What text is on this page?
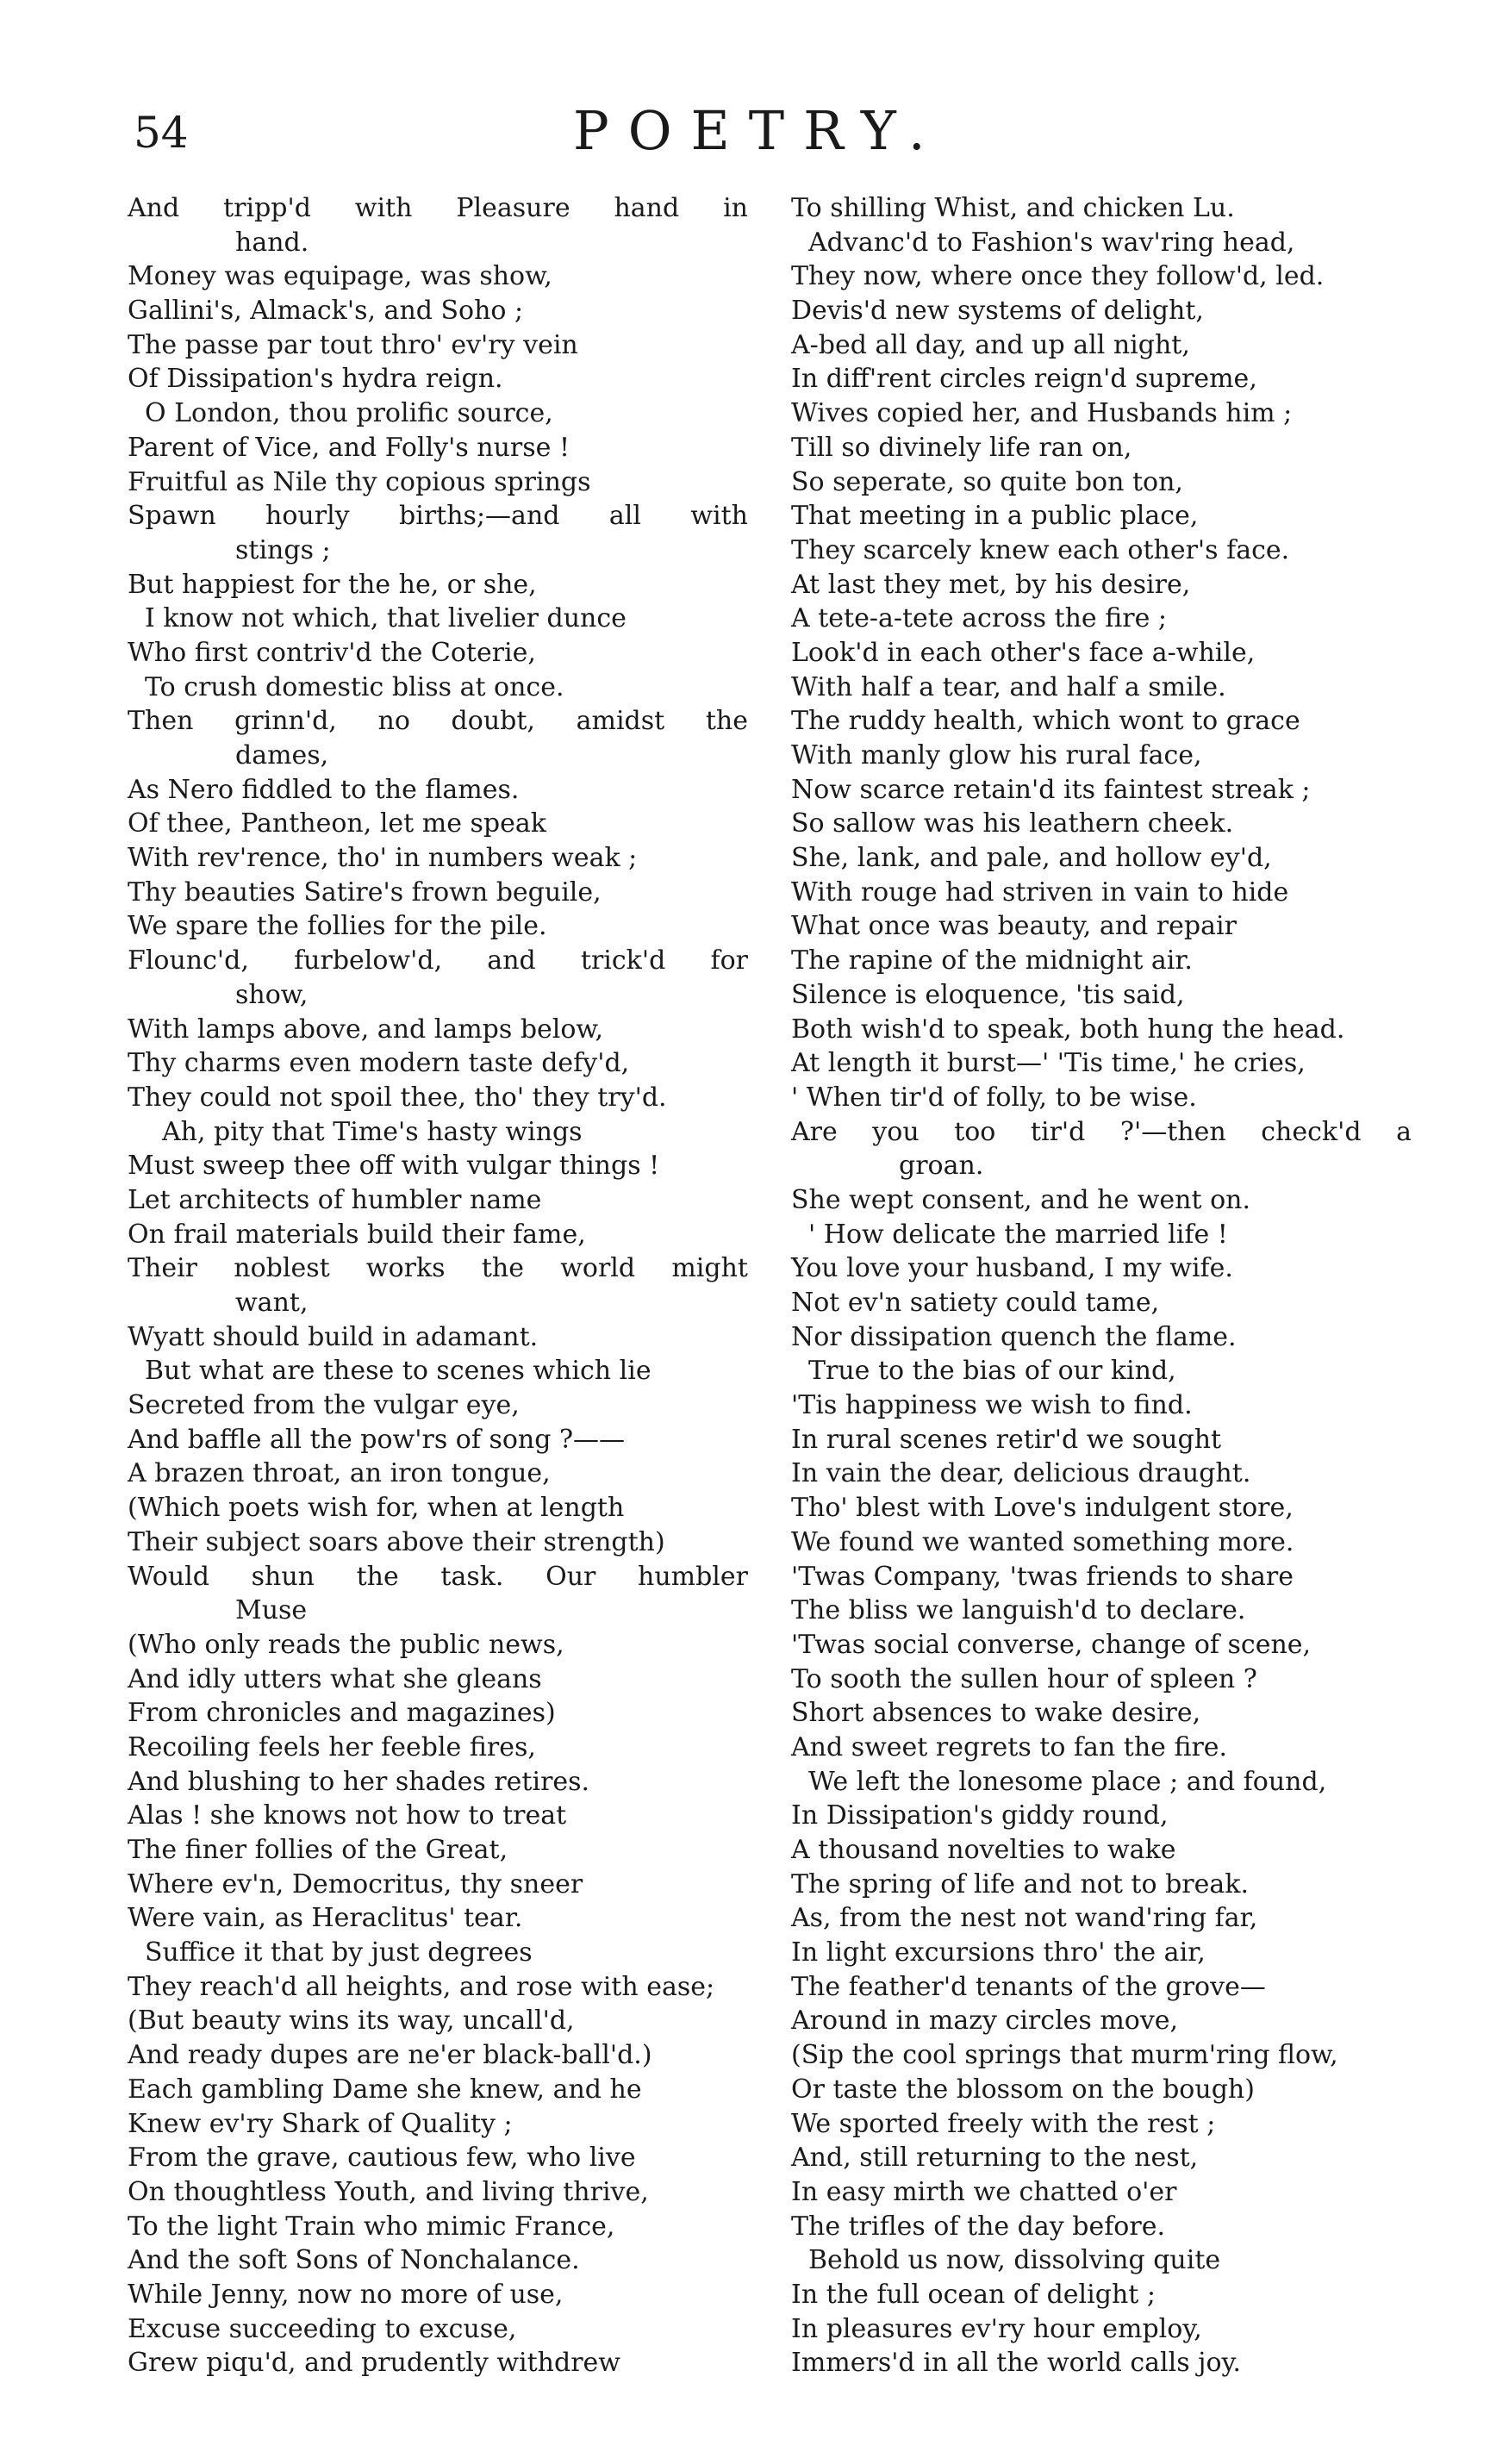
54	POETRY.
And tripp'd with Pleasure hand in
hand.
Money was equipage, was show,
Gallini's, Almack's, and Soho ;
The passe par tout thro' ev'ry vein
Of Dissipation's hydra reign.
O London, thou prolific source,
Parent of Vice, and Folly's nurse !
Fruitful as Nile thy copious springs
Spawn hourly births;—and all with
stings ;
But happiest for the he, or she,
I know not which, that livelier dunce
Who first contriv'd the Coterie,
To crush domestic bliss at once.
Then grinn'd, no doubt, amidst the
dames,
As Nero fiddled to the flames.
Of thee, Pantheon, let me speak
With rev'rence, tho' in numbers weak ;
Thy beauties Satire's frown beguile,
We spare the follies for the pile.
Flounc'd, furbelow'd, and trick'd for
show,
With lamps above, and lamps below,
Thy charms even modern taste defy'd,
They could not spoil thee, tho' they try'd.
Ah, pity that Time's hasty wings
Must sweep thee off with vulgar things !
Let architects of humbler name
On frail materials build their fame,
Their noblest works the world might
want,
Wyatt should build in adamant.
But what are these to scenes which lie
Secreted from the vulgar eye,
And baffle all the pow'rs of song ?——
A brazen throat, an iron tongue,
(Which poets wish for, when at length
Their subject soars above their strength)
Would shun the task. Our humbler
Muse
(Who only reads the public news,
And idly utters what she gleans
From chronicles and magazines)
Recoiling feels her feeble fires,
And blushing to her shades retires.
Alas ! she knows not how to treat
The finer follies of the Great,
Where ev'n, Democritus, thy sneer
Were vain, as Heraclitus' tear.
Suffice it that by just degrees
They reach'd all heights, and rose with ease;
(But beauty wins its way, uncall'd,
And ready dupes are ne'er black-ball'd.)
Each gambling Dame she knew, and he
Knew ev'ry Shark of Quality ;
From the grave, cautious few, who live
On thoughtless Youth, and living thrive,
To the light Train who mimic France,
And the soft Sons of Nonchalance.
While Jenny, now no more of use,
Excuse succeeding to excuse,
Grew piqu'd, and prudently withdrew
To shilling Whist, and chicken Lu.
Advanc'd to Fashion's wav'ring head,
They now, where once they follow'd, led.
Devis'd new systems of delight,
A-bed all day, and up all night,
In diff'rent circles reign'd supreme,
Wives copied her, and Husbands him ;
Till so divinely life ran on,
So seperate, so quite bon ton,
That meeting in a public place,
They scarcely knew each other's face.
At last they met, by his desire,
A tete-a-tete across the fire ;
Look'd in each other's face a-while,
With half a tear, and half a smile.
The ruddy health, which wont to grace
With manly glow his rural face,
Now scarce retain'd its faintest streak ;
So sallow was his leathern cheek.
She, lank, and pale, and hollow ey'd,
With rouge had striven in vain to hide
What once was beauty, and repair
The rapine of the midnight air.
Silence is eloquence, 'tis said,
Both wish'd to speak, both hung the head.
At length it burst—' 'Tis time,' he cries,
' When tir'd of folly, to be wise.
Are you too tir'd ?'—then check'd a
groan.
She wept consent, and he went on.
' How delicate the married life !
You love your husband, I my wife.
Not ev'n satiety could tame,
Nor dissipation quench the flame.
True to the bias of our kind,
'Tis happiness we wish to find.
In rural scenes retir'd we sought
In vain the dear, delicious draught.
Tho' blest with Love's indulgent store,
We found we wanted something more.
'Twas Company, 'twas friends to share
The bliss we languish'd to declare.
'Twas social converse, change of scene,
To sooth the sullen hour of spleen ?
Short absences to wake desire,
And sweet regrets to fan the fire.
We left the lonesome place ; and found,
In Dissipation's giddy round,
A thousand novelties to wake
The spring of life and not to break.
As, from the nest not wand'ring far,
In light excursions thro' the air,
The feather'd tenants of the grove—
Around in mazy circles move,
(Sip the cool springs that murm'ring flow,
Or taste the blossom on the bough)
We sported freely with the rest ;
And, still returning to the nest,
In easy mirth we chatted o'er
The trifles of the day before.
Behold us now, dissolving quite
In the full ocean of delight ;
In pleasures ev'ry hour employ,
Immers'd in all the world calls joy.
